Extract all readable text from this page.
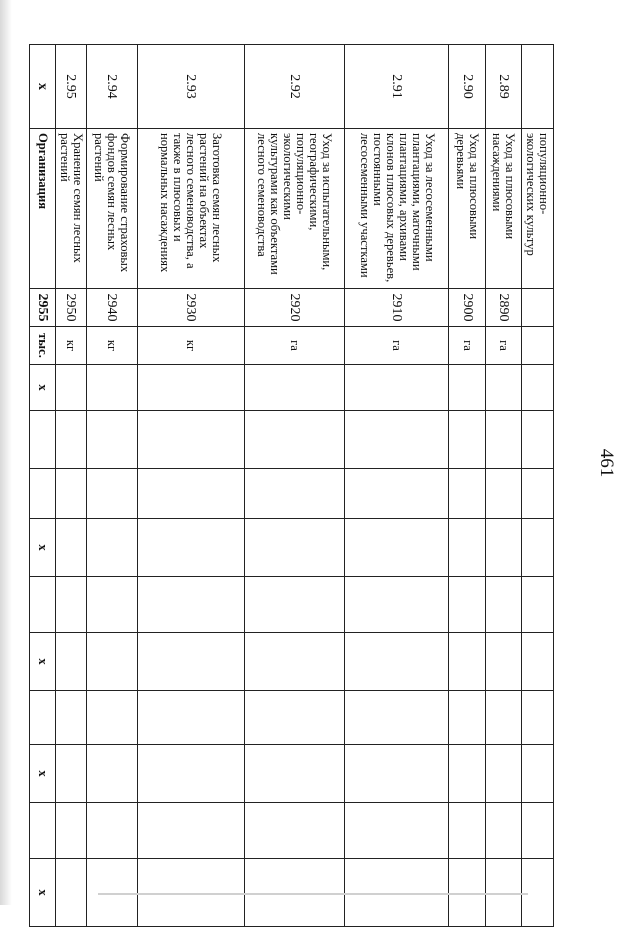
461
	популяционно-экологических культур												
2.89	Уход за плюсовыми насаждениями	2890	га										
2.90	Уход за плюсовыми деревьями	2900	га										
2.91	Уход за лесосеменными плантациями, маточными плантациями, архивами клонов плюсовых деревьев, постоянными лесосеменными участками	2910	га										
2.92	Уход за испытательными, географическими, популяционно-экологическими культурами как объектами лесного семеноводства	2920	га										
2.93	Заготовка семян лесных растений на объектах лесного семеноводства, а также в плюсовых и нормальных насаждениях	2930	кг										
2.94	Формирование страховых фондов семян лесных растений	2940	кг										
2.95	Хранение семян лесных растений	2950	кг										
x	Организация	2955	тыс.	x			x		x		x		x
